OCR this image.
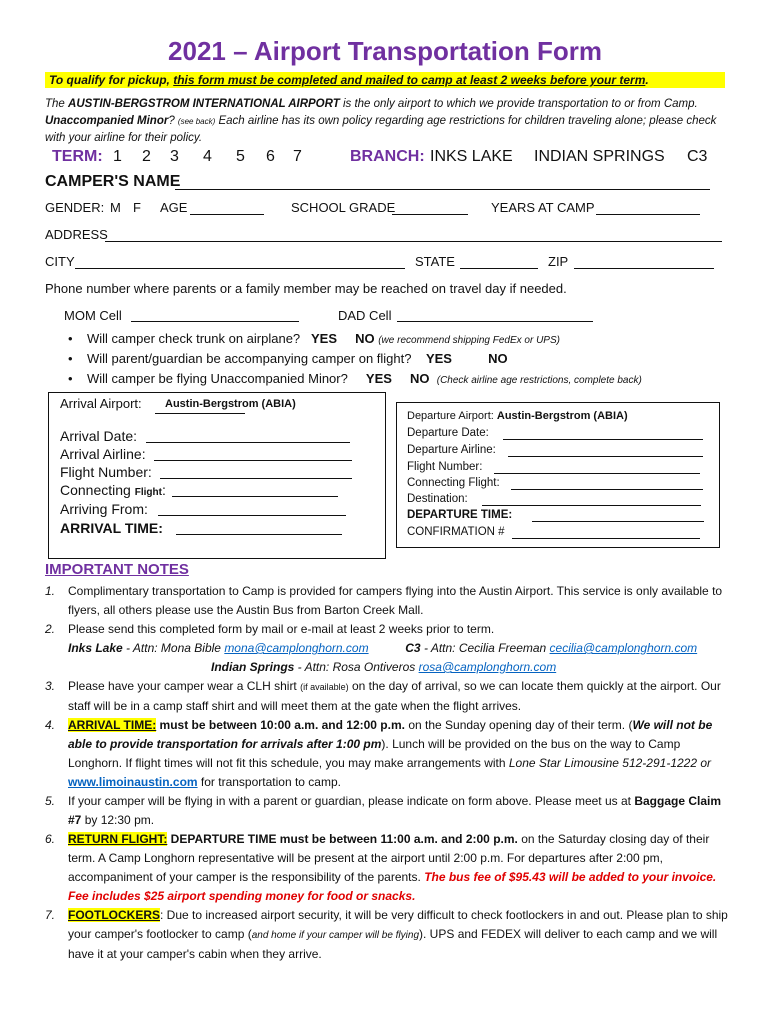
2021 – Airport Transportation Form
To qualify for pickup, this form must be completed and mailed to camp at least 2 weeks before your term.
The AUSTIN-BERGSTROM INTERNATIONAL AIRPORT is the only airport to which we provide transportation to or from Camp. Unaccompanied Minor? (see back) Each airline has its own policy regarding age restrictions for children traveling alone; please check with your airline for their policy.
TERM: 1 2 3 4 5 6 7	BRANCH: INKS LAKE INDIAN SPRINGS C3
CAMPER'S NAME
GENDER: M F AGE	SCHOOL GRADE	YEARS AT CAMP
ADDRESS
CITY	STATE	ZIP
Phone number where parents or a family member may be reached on travel day if needed.
MOM Cell	DAD Cell
• Will camper check trunk on airplane? YES NO (we recommend shipping FedEx or UPS)
• Will parent/guardian be accompanying camper on flight? YES	NO
• Will camper be flying Unaccompanied Minor? YES NO (Check airline age restrictions, complete back)
Arrival Airport: Austin-Bergstrom (ABIA)
Arrival Date:
Arrival Airline:
Flight Number:
Connecting Flight:
Arriving From:
ARRIVAL TIME:
Departure Airport: Austin-Bergstrom (ABIA)
Departure Date:
Departure Airline:
Flight Number:
Connecting Flight:
Destination:
DEPARTURE TIME:
CONFIRMATION #
IMPORTANT NOTES
1.	Complimentary transportation to Camp is provided for campers flying into the Austin Airport. This service is only available to flyers, all others please use the Austin Bus from Barton Creek Mall.
2.	Please send this completed form by mail or e-mail at least 2 weeks prior to term.
Inks Lake - Attn: Mona Bible mona@camplonghorn.com	C3 - Attn: Cecilia Freeman cecilia@camplonghorn.com
Indian Springs - Attn: Rosa Ontiveros rosa@camplonghorn.com
3.	Please have your camper wear a CLH shirt (if available) on the day of arrival, so we can locate them quickly at the airport. Our staff will be in a camp staff shirt and will meet them at the gate when the flight arrives.
4.	ARRIVAL TIME: must be between 10:00 a.m. and 12:00 p.m. on the Sunday opening day of their term. (We will not be able to provide transportation for arrivals after 1:00 pm). Lunch will be provided on the bus on the way to Camp Longhorn. If flight times will not fit this schedule, you may make arrangements with Lone Star Limousine 512-291-1222 or www.limoinaustin.com for transportation to camp.
5.	If your camper will be flying in with a parent or guardian, please indicate on form above. Please meet us at Baggage Claim #7 by 12:30 pm.
6.	RETURN FLIGHT: DEPARTURE TIME must be between 11:00 a.m. and 2:00 p.m. on the Saturday closing day of their term. A Camp Longhorn representative will be present at the airport until 2:00 p.m. For departures after 2:00 pm, accompaniment of your camper is the responsibility of the parents. The bus fee of $95.43 will be added to your invoice. Fee includes $25 airport spending money for food or snacks.
7.	FOOTLOCKERS: Due to increased airport security, it will be very difficult to check footlockers in and out. Please plan to ship your camper's footlocker to camp (and home if your camper will be flying). UPS and FEDEX will deliver to each camp and we will have it at your camper's cabin when they arrive.
